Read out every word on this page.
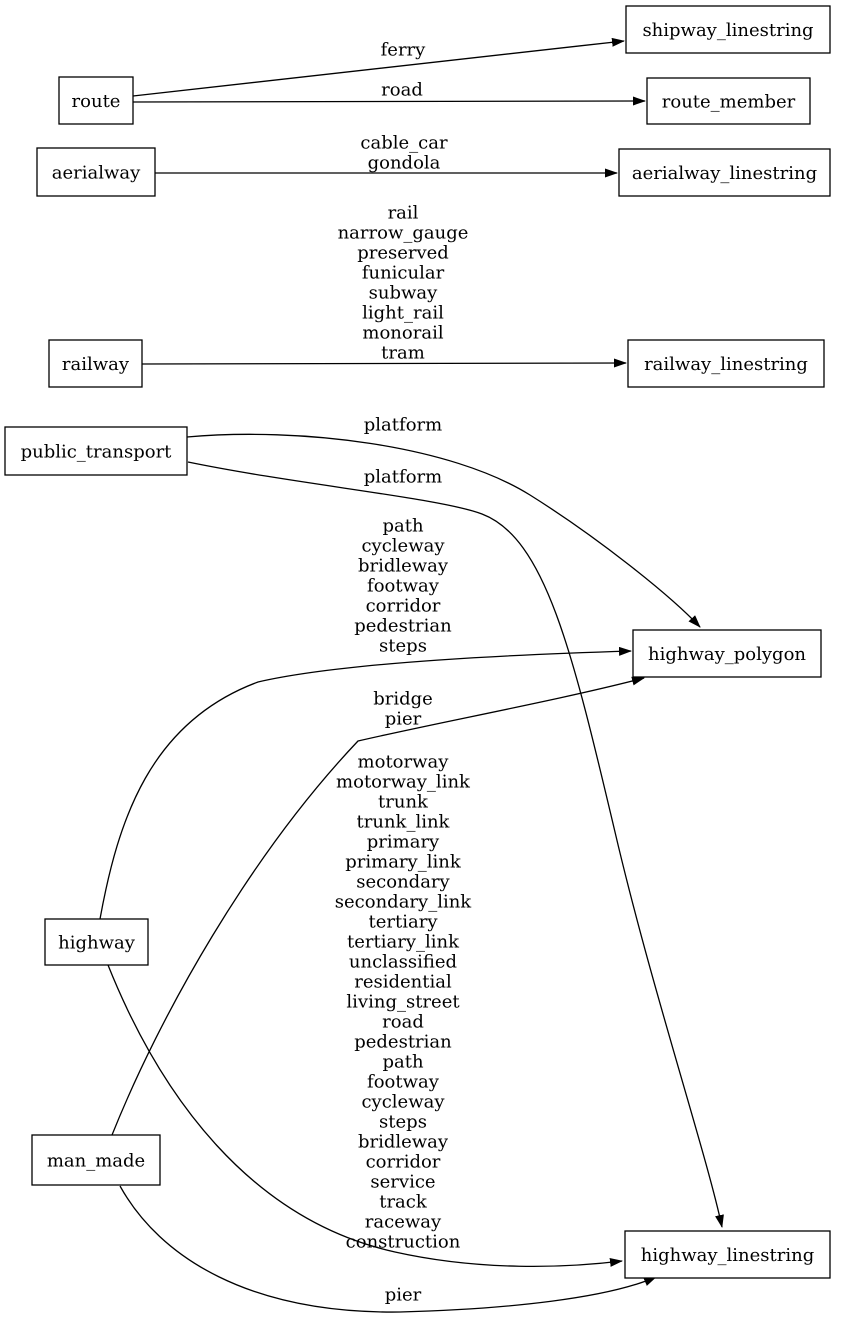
ferry
road
cable_car
gondola
rail
narrow_gauge
preserved
funicular
subway
light_rail
monorail
tram
platform
platform
path
cycleway
bridleway
footway
corridor
pedestrian
steps
motorway
motorway_link
trunk
trunk_link
primary
primary_link
secondary
secondary_link
tertiary
tertiary_link
unclassified
residential
living_street
road
pedestrian
path
footway
cycleway
steps
bridleway
corridor
service
track
raceway
construction
bridge
pier
pier
route
aerialway
railway
public_transport
highway
man_made
shipway_linestring
route_member
aerialway_linestring
railway_linestring
highway_polygon
highway_linestring
